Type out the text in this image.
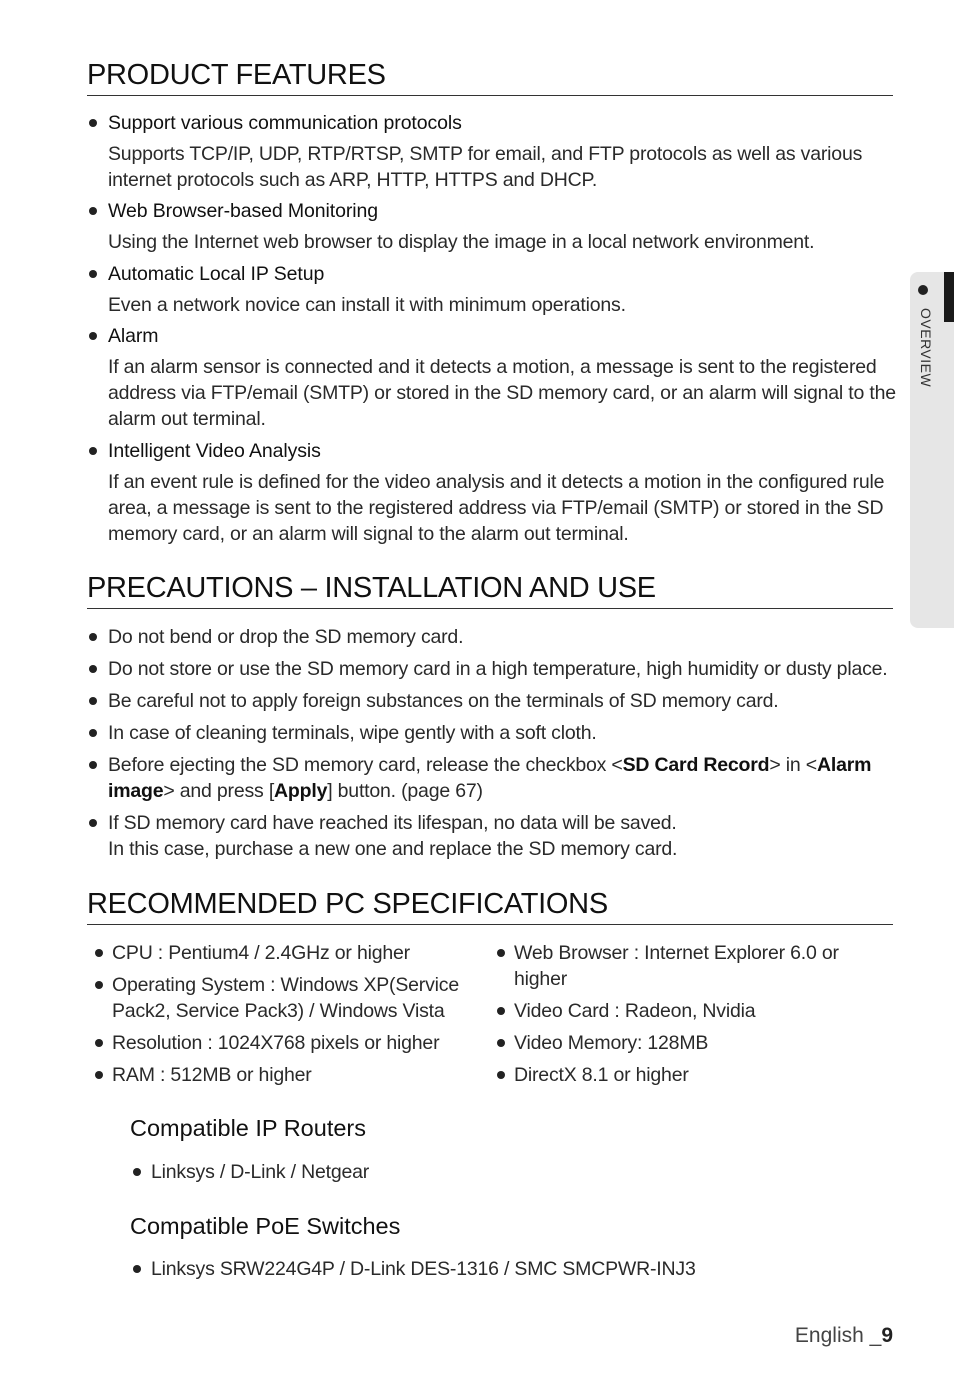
PRODUCT FEATURES
Support various communication protocols
Supports TCP/IP, UDP, RTP/RTSP, SMTP for email, and FTP protocols as well as various internet protocols such as ARP, HTTP, HTTPS and DHCP.
Web Browser-based Monitoring
Using the Internet web browser to display the image in a local network environment.
Automatic Local IP Setup
Even a network novice can install it with minimum operations.
Alarm
If an alarm sensor is connected and it detects a motion, a message is sent to the registered address via FTP/email (SMTP) or stored in the SD memory card, or an alarm will signal to the alarm out terminal.
Intelligent Video Analysis
If an event rule is defined for the video analysis and it detects a motion in the configured rule area, a message is sent to the registered address via FTP/email (SMTP) or stored in the SD memory card, or an alarm will signal to the alarm out terminal.
PRECAUTIONS – INSTALLATION AND USE
Do not bend or drop the SD memory card.
Do not store or use the SD memory card in a high temperature, high humidity or dusty place.
Be careful not to apply foreign substances on the terminals of SD memory card.
In case of cleaning terminals, wipe gently with a soft cloth.
Before ejecting the SD memory card, release the checkbox <SD Card Record> in <Alarm image> and press [Apply] button. (page 67)
If SD memory card have reached its lifespan, no data will be saved.
In this case, purchase a new one and replace the SD memory card.
RECOMMENDED PC SPECIFICATIONS
CPU : Pentium4 / 2.4GHz or higher
Operating System : Windows XP(Service Pack2, Service Pack3) / Windows Vista
Resolution : 1024X768 pixels or higher
RAM : 512MB or higher
Web Browser : Internet Explorer 6.0 or higher
Video Card : Radeon, Nvidia
Video Memory: 128MB
DirectX 8.1 or higher
Compatible IP Routers
Linksys / D-Link / Netgear
Compatible PoE Switches
Linksys SRW224G4P / D-Link DES-1316 / SMC SMCPWR-INJ3
English _9
OVERVIEW
